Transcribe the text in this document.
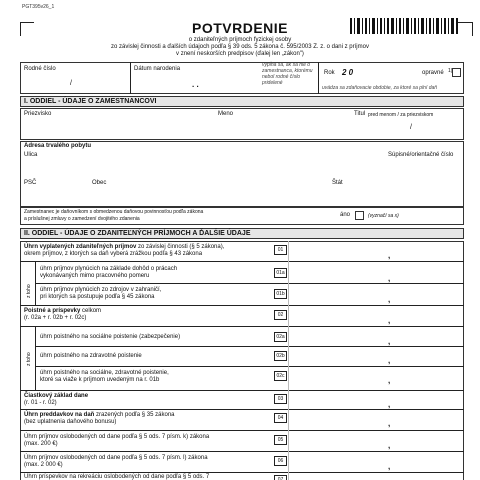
PGT395v26_1
POTVRDENIE
o zdaniteľných príjmoch fyzickej osoby
zo závislej činnosti a ďalších údajoch podľa § 39 ods. 5 zákona č. 595/2003 Z. z. o dani z príjmov
v znení neskorších predpisov (ďalej len „zákon")
Rodné číslo
/
Dátum narodenia
. .
vypĺňa sa, ak sa nie o zamestnanca, ktorému nebol rodné číslo pridelené
Rok 2 0	opravné 1)
uvádza sa zdaňovacie obdobie, za ktoré sa plní daň
I. ODDIEL - ÚDAJE O ZAMESTNANCOVI
Priezvisko	Meno	Titul pred menom / za priezviskom
/
Adresa trvalého pobytu
Ulica	Súpisné/orientačné číslo
PSČ	Obec	Štát
Zamestnanec je daňovníkom s obmedzenou daňovou povinnosťou podľa zákona
a príslušnej zmluvy o zamedzení dvojitého zdanenia
áno	(vyznačí sa x)
II. ODDIEL - ÚDAJE O ZDANITEĽNÝCH PRÍJMOCH A ĎALŠIE ÚDAJE
Úhrn vyplatených zdaniteľných príjmov zo závislej činnosti (§ 5 zákona),
okrem príjmov, z ktorých sa daň vyberá zrážkou podľa § 43 zákona
01
,
z toho
úhrn príjmov plynúcich na základe dohôd o prácach
vykonávaných mimo pracovného pomeru	01a
,
úhrn príjmov plynúcich zo zdrojov v zahraničí,
pri ktorých sa postupuje podľa § 45 zákona	01b
,
Poistné a príspevky celkom
(r. 02a + r. 02b + r. 02c)	02
,
z toho
úhrn poistného na sociálne poistenie (zabezpečenie)	02a	,
úhrn poistného na zdravotné poistenie	02b	,
úhrn poistného na sociálne, zdravotné poistenie,
ktoré sa viaže k príjmom uvedeným na r. 01b
02c	,
Čiastkový základ dane
(r. 01 - r. 02)
03
,
Úhrn preddavkov na daň zrazených podľa § 35 zákona
(bez uplatnenia daňového bonusu)
04
,
Úhrn príjmov oslobodených od dane podľa § 5 ods. 7 písm. k) zákona
(max. 200 €)
05
,
Úhrn príjmov oslobodených od dane podľa § 5 ods. 7 písm. l) zákona
(max. 2 000 €)
06
,
Úhrn príspevkov na rekreáciu oslobodených od dane podľa § 5 ods. 7	07
